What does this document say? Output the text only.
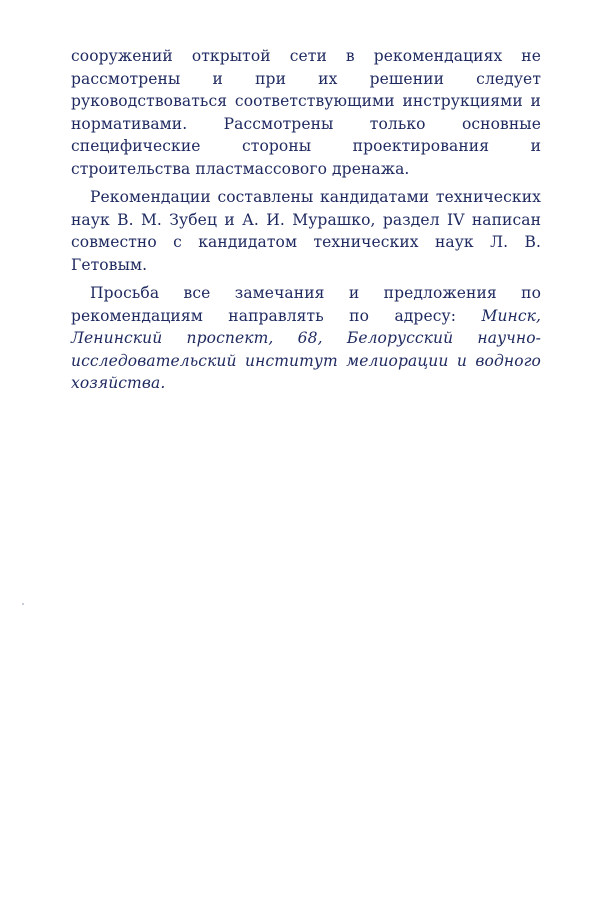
сооружений открытой сети в рекомендациях не рассмотрены и при их решении следует руководствоваться соответствующими инструкциями и нормативами. Рассмотрены только основные специфические стороны проектирования и строительства пластмассового дренажа.

Рекомендации составлены кандидатами технических наук В. М. Зубец и А. И. Мурашко, раздел IV написан совместно с кандидатом технических наук Л. В. Гетовым.

Просьба все замечания и предложения по рекомендациям направлять по адресу: Минск, Ленинский проспект, 68, Белорусский научно-исследовательский институт мелиорации и водного хозяйства.
